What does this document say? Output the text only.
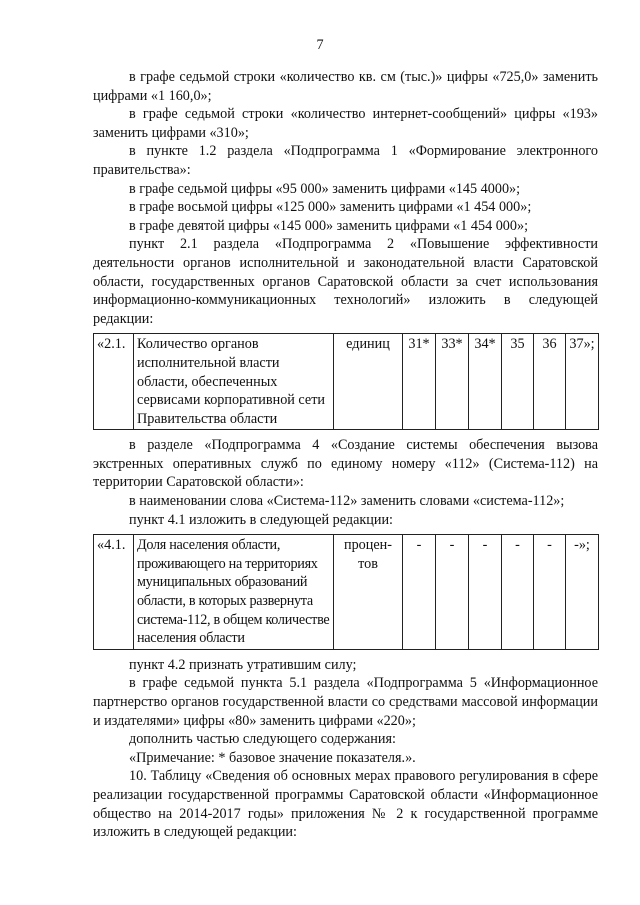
7

в графе седьмой строки «количество кв. см (тыс.)» цифры «725,0» заменить цифрами «1 160,0»;

в графе седьмой строки «количество интернет-сообщений» цифры «193» заменить цифрами «310»;

в пункте 1.2 раздела «Подпрограмма 1 «Формирование электронного правительства»:

в графе седьмой цифры «95 000» заменить цифрами «145 4000»;

в графе восьмой цифры «125 000» заменить цифрами «1 454 000»;

в графе девятой цифры «145 000» заменить цифрами «1 454 000»;

пункт 2.1 раздела «Подпрограмма 2 «Повышение эффективности деятельности органов исполнительной и законодательной власти Саратовской области, государственных органов Саратовской области за счет использования информационно-коммуникационных технологий» изложить в следующей редакции:

«2.1.	Количество органов исполнительной власти области, обеспеченных сервисами корпоративной сети Правительства области	единиц	31*	33*	34*	35	36	37»;

в разделе «Подпрограмма 4 «Создание системы обеспечения вызова экстренных оперативных служб по единому номеру «112» (Система-112) на территории Саратовской области»:

в наименовании слова «Система-112» заменить словами «система-112»;

пункт 4.1 изложить в следующей редакции:

«4.1.	Доля населения области, проживающего на территориях муниципальных образований области, в которых развернута система-112, в общем количестве населения области	процен- тов	-	-	-	-	-	-»;

пункт 4.2 признать утратившим силу;

в графе седьмой пункта 5.1 раздела «Подпрограмма 5 «Информационное партнерство органов государственной власти со средствами массовой информации и издателями» цифры «80» заменить цифрами «220»;

дополнить частью следующего содержания:

«Примечание: * базовое значение показателя.».

10. Таблицу «Сведения об основных мерах правового регулирования в сфере реализации государственной программы Саратовской области «Информационное общество на 2014-2017 годы» приложения № 2 к государственной программе изложить в следующей редакции:
